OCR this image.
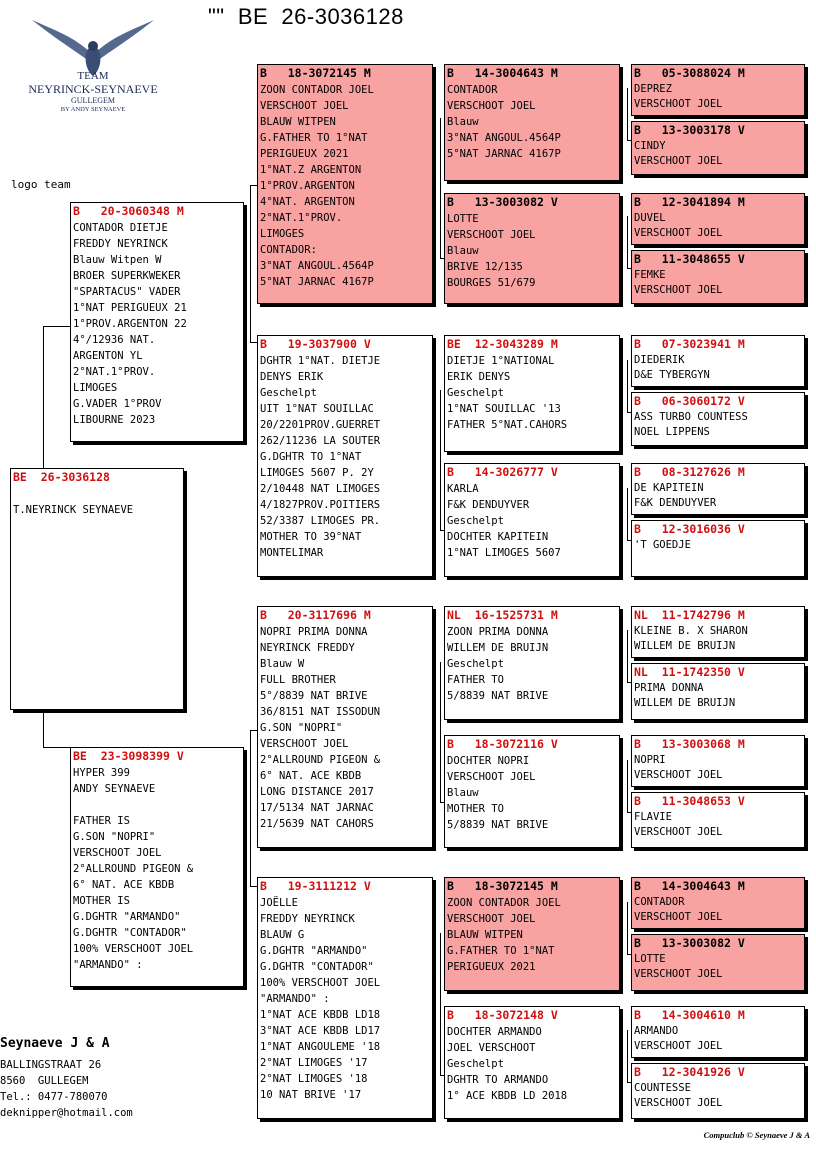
""  BE  26-3036128
TEAM
NEYRINCK-SEYNAEVE
GULLEGEM
BY ANDY SEYNAEVE
logo team
BE 26-3036128

T.NEYRINCK SEYNAEVE
B 20-3060348 M
CONTADOR DIETJE
FREDDY NEYRINCK
Blauw Witpen W
BROER SUPERKWEKER
"SPARTACUS" VADER
1°NAT PERIGUEUX 21
1°PROV.ARGENTON 22
4°/12936 NAT.
ARGENTON YL
2°NAT.1°PROV.
LIMOGES
G.VADER 1°PROV
LIBOURNE 2023
BE 23-3098399 V
HYPER 399
ANDY SEYNAEVE

FATHER IS
G.SON "NOPRI"
VERSCHOOT JOEL
2°ALLROUND PIGEON &
6° NAT. ACE KBDB
MOTHER IS
G.DGHTR "ARMANDO"
G.DGHTR "CONTADOR"
100% VERSCHOOT JOEL
"ARMANDO" :
B 18-3072145 M
ZOON CONTADOR JOEL
VERSCHOOT JOEL
BLAUW WITPEN
G.FATHER TO 1°NAT
PERIGUEUX 2021
1°NAT.Z ARGENTON
1°PROV.ARGENTON
4°NAT. ARGENTON
2°NAT.1°PROV.
LIMOGES
CONTADOR:
3°NAT ANGOUL.4564P
5°NAT JARNAC 4167P
B 19-3037900 V
DGHTR 1°NAT. DIETJE
DENYS ERIK
Geschelpt
UIT 1°NAT SOUILLAC
20/2201PROV.GUERRET
262/11236 LA SOUTER
G.DGHTR TO 1°NAT
LIMOGES 5607 P. 2Y
2/10448 NAT LIMOGES
4/1827PROV.POITIERS
52/3387 LIMOGES PR.
MOTHER TO 39°NAT
MONTELIMAR
B 20-3117696 M
NOPRI PRIMA DONNA
NEYRINCK FREDDY
Blauw W
FULL BROTHER
5°/8839 NAT BRIVE
36/8151 NAT ISSODUN
G.SON "NOPRI"
VERSCHOOT JOEL
2°ALLROUND PIGEON &
6° NAT. ACE KBDB
LONG DISTANCE 2017
17/5134 NAT JARNAC
21/5639 NAT CAHORS
B 19-3111212 V
JOËLLE
FREDDY NEYRINCK
BLAUW G
G.DGHTR "ARMANDO"
G.DGHTR "CONTADOR"
100% VERSCHOOT JOEL
"ARMANDO" :
1°NAT ACE KBDB LD18
3°NAT ACE KBDB LD17
1°NAT ANGOULEME '18
2°NAT LIMOGES '17
2°NAT LIMOGES '18
10 NAT BRIVE '17
B 14-3004643 M
CONTADOR
VERSCHOOT JOEL
Blauw
3°NAT ANGOUL.4564P
5°NAT JARNAC 4167P
B 13-3003082 V
LOTTE
VERSCHOOT JOEL
Blauw
BRIVE 12/135
BOURGES 51/679
BE 12-3043289 M
DIETJE 1°NATIONAL
ERIK DENYS
Geschelpt
1°NAT SOUILLAC '13
FATHER 5°NAT.CAHORS
B 14-3026777 V
KARLA
F&K DENDUYVER
Geschelpt
DOCHTER KAPITEIN
1°NAT LIMOGES 5607
NL 16-1525731 M
ZOON PRIMA DONNA
WILLEM DE BRUIJN
Geschelpt
FATHER TO
5/8839 NAT BRIVE
B 18-3072116 V
DOCHTER NOPRI
VERSCHOOT JOEL
Blauw
MOTHER TO
5/8839 NAT BRIVE
B 18-3072145 M
ZOON CONTADOR JOEL
VERSCHOOT JOEL
BLAUW WITPEN
G.FATHER TO 1°NAT
PERIGUEUX 2021
B 18-3072148 V
DOCHTER ARMANDO
JOEL VERSCHOOT
Geschelpt
DGHTR TO ARMANDO
1° ACE KBDB LD 2018
B 05-3088024 M
DEPREZ
VERSCHOOT JOEL
B 13-3003178 V
CINDY
VERSCHOOT JOEL
B 12-3041894 M
DUVEL
VERSCHOOT JOEL
B 11-3048655 V
FEMKE
VERSCHOOT JOEL
B 07-3023941 M
DIEDERIK
D&E TYBERGYN
B 06-3060172 V
ASS TURBO COUNTESS
NOEL LIPPENS
B 08-3127626 M
DE KAPITEIN
F&K DENDUYVER
B 12-3016036 V
'T GOEDJE
NL 11-1742796 M
KLEINE B. X SHARON
WILLEM DE BRUIJN
NL 11-1742350 V
PRIMA DONNA
WILLEM DE BRUIJN
B 13-3003068 M
NOPRI
VERSCHOOT JOEL
B 11-3048653 V
FLAVIE
VERSCHOOT JOEL
B 14-3004643 M
CONTADOR
VERSCHOOT JOEL
B 13-3003082 V
LOTTE
VERSCHOOT JOEL
B 14-3004610 M
ARMANDO
VERSCHOOT JOEL
B 12-3041926 V
COUNTESSE
VERSCHOOT JOEL
Seynaeve J & A
BALLINGSTRAAT 26
8560  GULLEGEM
Tel.: 0477-780070
deknipper@hotmail.com
Compuclub © Seynaeve J & A
